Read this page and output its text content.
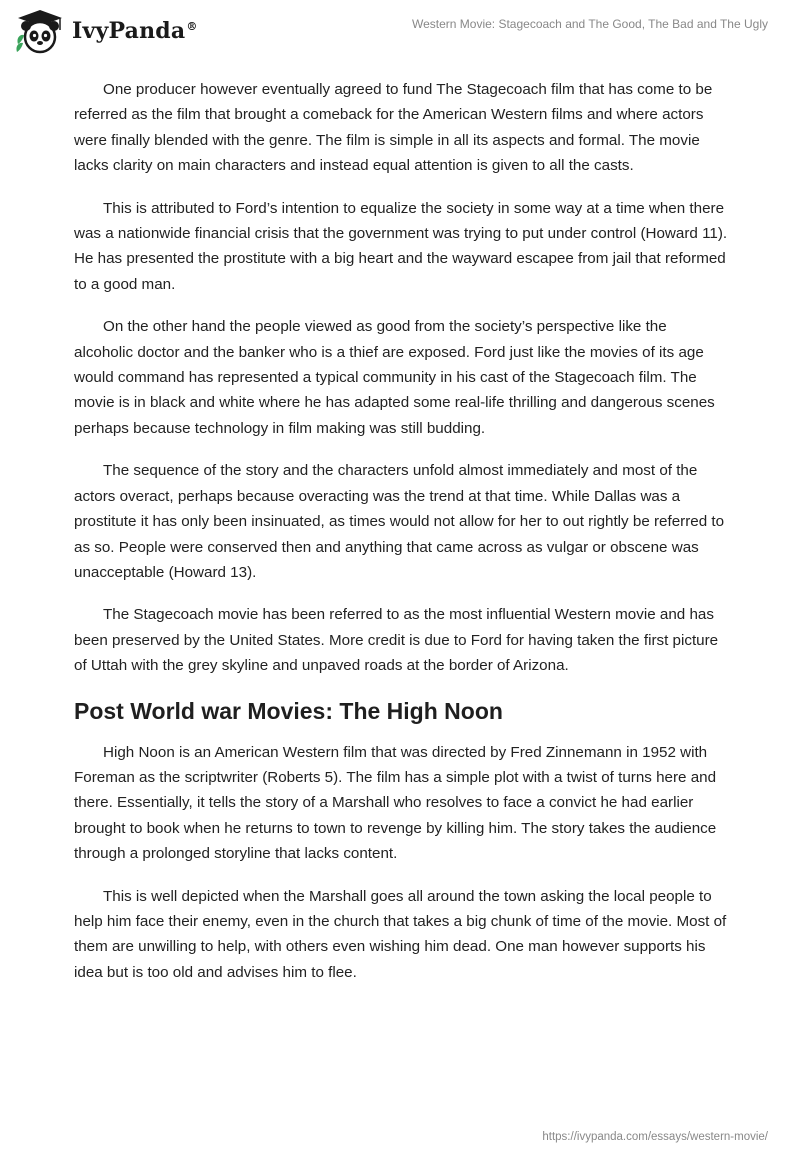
IvyPanda®	Western Movie: Stagecoach and The Good, The Bad and The Ugly

One producer however eventually agreed to fund The Stagecoach film that has come to be referred as the film that brought a comeback for the American Western films and where actors were finally blended with the genre. The film is simple in all its aspects and formal. The movie lacks clarity on main characters and instead equal attention is given to all the casts.

This is attributed to Ford’s intention to equalize the society in some way at a time when there was a nationwide financial crisis that the government was trying to put under control (Howard 11). He has presented the prostitute with a big heart and the wayward escapee from jail that reformed to a good man.

On the other hand the people viewed as good from the society’s perspective like the alcoholic doctor and the banker who is a thief are exposed. Ford just like the movies of its age would command has represented a typical community in his cast of the Stagecoach film. The movie is in black and white where he has adapted some real-life thrilling and dangerous scenes perhaps because technology in film making was still budding.

The sequence of the story and the characters unfold almost immediately and most of the actors overact, perhaps because overacting was the trend at that time. While Dallas was a prostitute it has only been insinuated, as times would not allow for her to out rightly be referred to as so. People were conserved then and anything that came across as vulgar or obscene was unacceptable (Howard 13).

The Stagecoach movie has been referred to as the most influential Western movie and has been preserved by the United States. More credit is due to Ford for having taken the first picture of Uttah with the grey skyline and unpaved roads at the border of Arizona.

Post World war Movies: The High Noon

High Noon is an American Western film that was directed by Fred Zinnemann in 1952 with Foreman as the scriptwriter (Roberts 5). The film has a simple plot with a twist of turns here and there. Essentially, it tells the story of a Marshall who resolves to face a convict he had earlier brought to book when he returns to town to revenge by killing him. The story takes the audience through a prolonged storyline that lacks content.

This is well depicted when the Marshall goes all around the town asking the local people to help him face their enemy, even in the church that takes a big chunk of time of the movie. Most of them are unwilling to help, with others even wishing him dead. One man however supports his idea but is too old and advises him to flee.

https://ivypanda.com/essays/western-movie/
